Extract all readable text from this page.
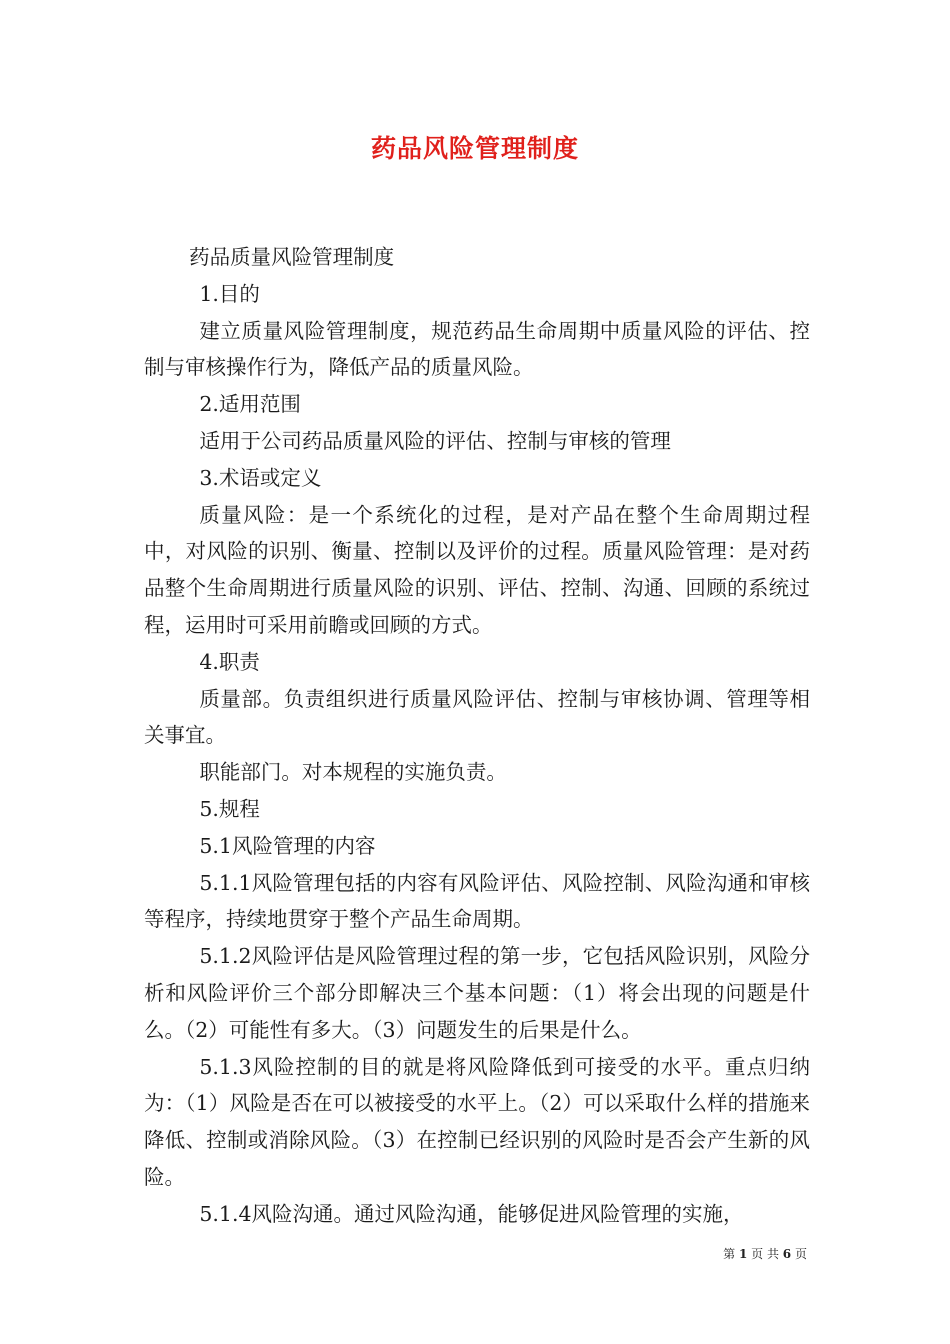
药品风险管理制度

药品质量风险管理制度

1.目的

建立质量风险管理制度，规范药品生命周期中质量风险的评估、控制与审核操作行为，降低产品的质量风险。

2.适用范围

适用于公司药品质量风险的评估、控制与审核的管理

3.术语或定义

质量风险：是一个系统化的过程，是对产品在整个生命周期过程中，对风险的识别、衡量、控制以及评价的过程。质量风险管理：是对药品整个生命周期进行质量风险的识别、评估、控制、沟通、回顾的系统过程，运用时可采用前瞻或回顾的方式。

4.职责

质量部。负责组织进行质量风险评估、控制与审核协调、管理等相关事宜。

职能部门。对本规程的实施负责。

5.规程

5.1风险管理的内容

5.1.1风险管理包括的内容有风险评估、风险控制、风险沟通和审核等程序，持续地贯穿于整个产品生命周期。

5.1.2风险评估是风险管理过程的第一步，它包括风险识别，风险分析和风险评价三个部分即解决三个基本问题：（1）将会出现的问题是什么。（2）可能性有多大。（3）问题发生的后果是什么。

5.1.3风险控制的目的就是将风险降低到可接受的水平。重点归纳为：（1）风险是否在可以被接受的水平上。（2）可以采取什么样的措施来降低、控制或消除风险。（3）在控制已经识别的风险时是否会产生新的风险。

5.1.4风险沟通。通过风险沟通，能够促进风险管理的实施，

第 1 页 共 6 页
